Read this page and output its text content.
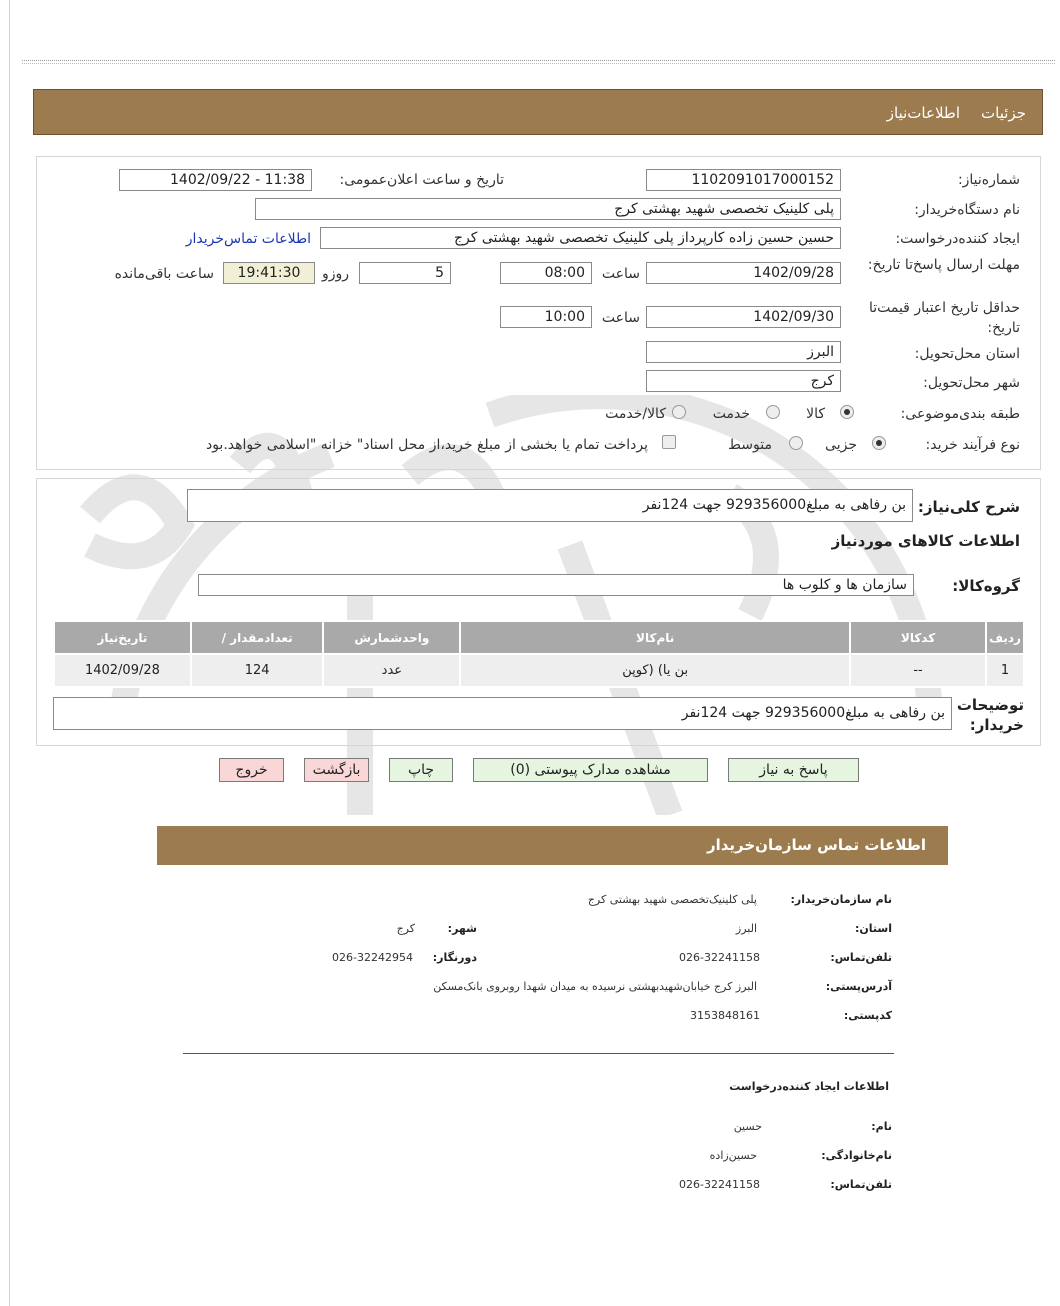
جزئيات
اطلاعات‌نیاز
شماره‌نیاز:
1102091017000152
تاریخ و ساعت اعلان‌عمومی:
1402/09/22 - 11:38
نام دستگاه‌خریدار:
پلی کلینیک تخصصی شهید بهشتی کرج
ایجاد کننده‌درخواست:
حسین حسین زاده کارپرداز پلی کلینیک تخصصی شهید بهشتی کرج
اطلاعات تماس‌خریدار
مهلت ارسال پاسخ‌تا تاریخ:
1402/09/28
ساعت
08:00
5
روزو
19:41:30
ساعت باقی‌مانده
حداقل تاریخ اعتبار قیمت‌تا تاریخ:
1402/09/30
ساعت
10:00
استان محل‌تحویل:
البرز
شهر محل‌تحویل:
کرج
طبقه بندی‌موضوعی:
کالا
خدمت
کالا/خدمت
نوع فرآیند خرید:
جزیی
متوسط
پرداخت تمام یا بخشی از مبلغ خرید،از محل اسناد" خزانه "اسلامی خواهد.بود
شرح کلی‌نیاز:
بن رفاهی به مبلغ929356000 جهت 124نفر
اطلاعات کالاهای موردنیاز
گروه‌کالا:
سازمان ها و کلوب ها
ردیف	کدکالا	نام‌کالا	واحدشمارش	تعدادمقدار /	تاریخ‌نیاز
1	--	بن یا) (کوپن	عدد	124	1402/09/28
توضیحات خریدار:
بن رفاهی به مبلغ929356000 جهت 124نفر
پاسخ به نیاز
مشاهده مدارک پیوستی (0)
چاپ
بازگشت
خروج
اطلاعات تماس سازمان‌خریدار
نام سازمان‌خریدار:
پلی کلینیک‌تخصصی شهید بهشتی کرج
استان:
البرز
شهر:
کرج
تلفن‌تماس:
026-32241158
دورنگار:
026-32242954
آدرس‌پستی:
البرز کرج خیابان‌شهیدبهشتی نرسیده به میدان شهدا روبروی بانک‌مسکن
کدپستی:
3153848161
اطلاعات ایجاد کننده‌درخواست
نام:
حسین
نام‌خانوادگی:
حسین‌زاده
تلفن‌تماس:
026-32241158
